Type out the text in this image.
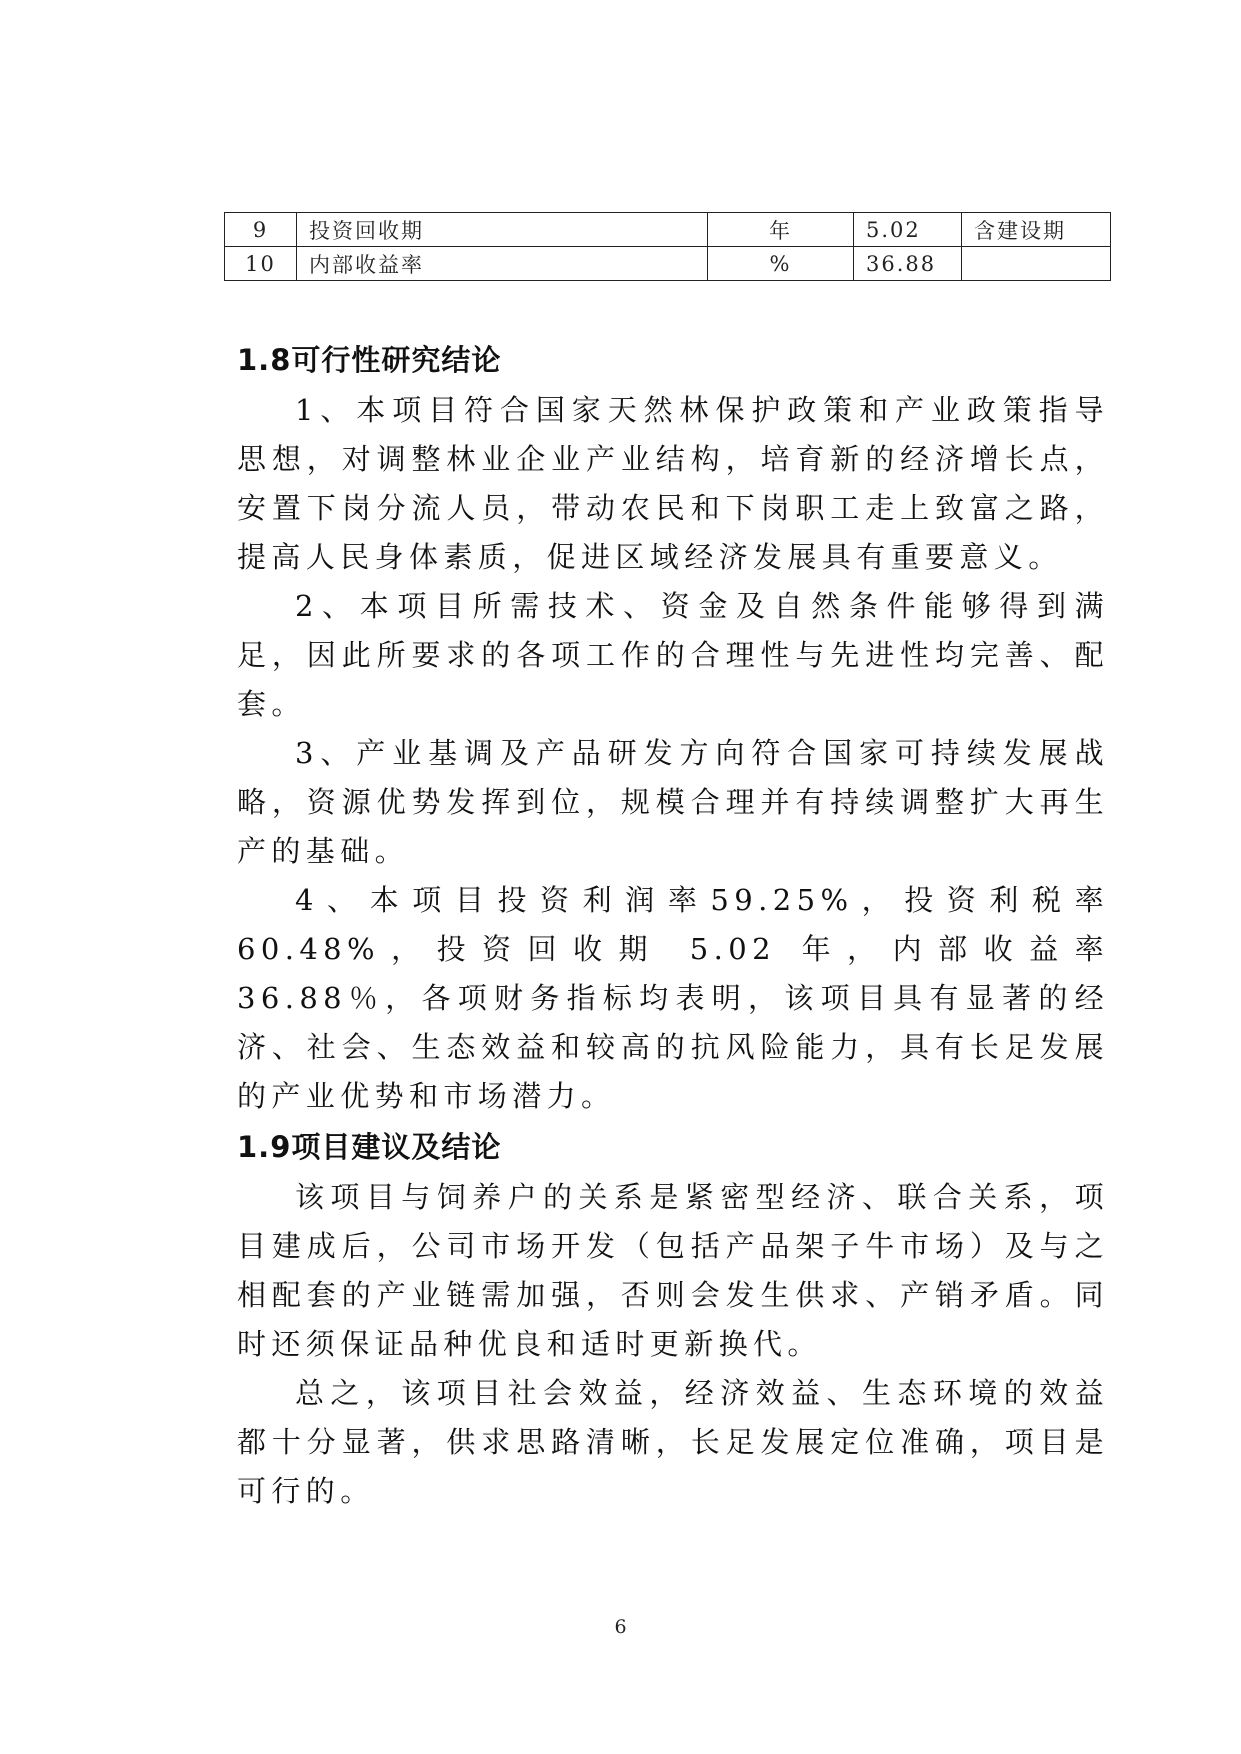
9	投资回收期	年	5.02	含建设期
10	内部收益率	%	36.88	
1.8可行性研究结论

1、本项目符合国家天然林保护政策和产业政策指导思想，对调整林业企业产业结构，培育新的经济增长点，安置下岗分流人员，带动农民和下岗职工走上致富之路，提高人民身体素质，促进区域经济发展具有重要意义。

2、本项目所需技术、资金及自然条件能够得到满足，因此所要求的各项工作的合理性与先进性均完善、配套。

3、产业基调及产品研发方向符合国家可持续发展战略，资源优势发挥到位，规模合理并有持续调整扩大再生产的基础。

4、本项目投资利润率59.25%，投资利税率60.48%，投资回收期 5.02 年，内部收益率36.88％，各项财务指标均表明，该项目具有显著的经济、社会、生态效益和较高的抗风险能力，具有长足发展的产业优势和市场潜力。

1.9项目建议及结论

该项目与饲养户的关系是紧密型经济、联合关系，项目建成后，公司市场开发（包括产品架子牛市场）及与之相配套的产业链需加强，否则会发生供求、产销矛盾。同时还须保证品种优良和适时更新换代。

总之，该项目社会效益，经济效益、生态环境的效益都十分显著，供求思路清晰，长足发展定位准确，项目是可行的。

6
